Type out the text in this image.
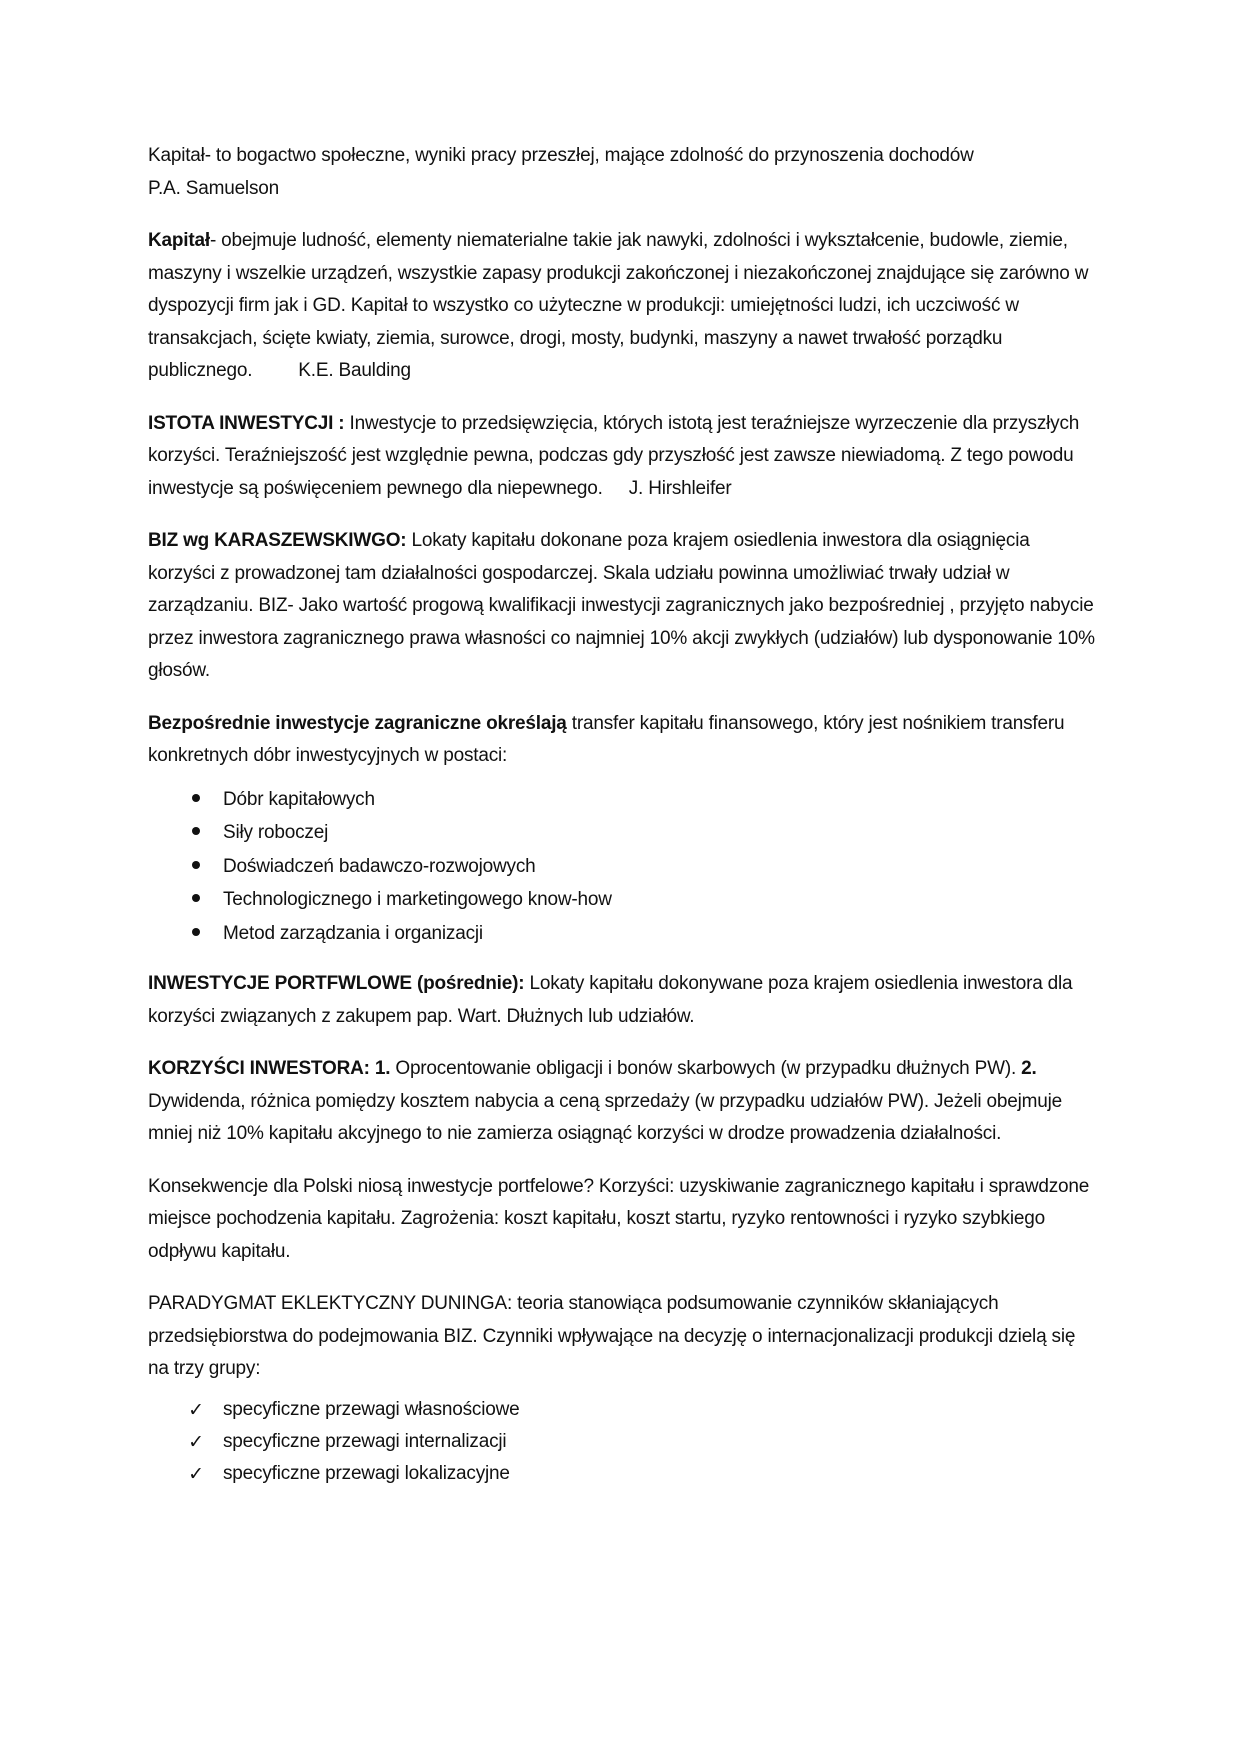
Kapitał- to bogactwo społeczne, wyniki pracy przeszłej, mające zdolność do przynoszenia dochodów
P.A. Samuelson

Kapitał- obejmuje ludność, elementy niematerialne takie jak nawyki, zdolności i wykształcenie, budowle, ziemie, maszyny i wszelkie urządzeń, wszystkie zapasy produkcji zakończonej i niezakończonej znajdujące się zarówno w dyspozycji firm jak i GD. Kapitał to wszystko co użyteczne w produkcji: umiejętności ludzi, ich uczciwość w transakcjach, ścięte kwiaty, ziemia, surowce, drogi, mosty, budynki, maszyny a nawet trwałość porządku publicznego. K.E. Baulding

ISTOTA INWESTYCJI : Inwestycje to przedsięwzięcia, których istotą jest teraźniejsze wyrzeczenie dla przyszłych korzyści. Teraźniejszość jest względnie pewna, podczas gdy przyszłość jest zawsze niewiadomą. Z tego powodu inwestycje są poświęceniem pewnego dla niepewnego. J. Hirshleifer

BIZ wg KARASZEWSKIWGO: Lokaty kapitału dokonane poza krajem osiedlenia inwestora dla osiągnięcia korzyści z prowadzonej tam działalności gospodarczej. Skala udziału powinna umożliwiać trwały udział w zarządzaniu. BIZ- Jako wartość progową kwalifikacji inwestycji zagranicznych jako bezpośredniej , przyjęto nabycie przez inwestora zagranicznego prawa własności co najmniej 10% akcji zwykłych (udziałów) lub dysponowanie 10% głosów.

Bezpośrednie inwestycje zagraniczne określają transfer kapitału finansowego, który jest nośnikiem transferu konkretnych dóbr inwestycyjnych w postaci:

Dóbr kapitałowych
Siły roboczej
Doświadczeń badawczo-rozwojowych
Technologicznego i marketingowego know-how
Metod zarządzania i organizacji

INWESTYCJE PORTFWLOWE (pośrednie): Lokaty kapitału dokonywane poza krajem osiedlenia inwestora dla korzyści związanych z zakupem pap. Wart. Dłużnych lub udziałów.

KORZYŚCI INWESTORA: 1. Oprocentowanie obligacji i bonów skarbowych (w przypadku dłużnych PW). 2. Dywidenda, różnica pomiędzy kosztem nabycia a ceną sprzedaży (w przypadku udziałów PW). Jeżeli obejmuje mniej niż 10% kapitału akcyjnego to nie zamierza osiągnąć korzyści w drodze prowadzenia działalności.

Konsekwencje dla Polski niosą inwestycje portfelowe? Korzyści: uzyskiwanie zagranicznego kapitału i sprawdzone miejsce pochodzenia kapitału. Zagrożenia: koszt kapitału, koszt startu, ryzyko rentowności i ryzyko szybkiego odpływu kapitału.

PARADYGMAT EKLEKTYCZNY DUNINGA: teoria stanowiąca podsumowanie czynników skłaniających przedsiębiorstwa do podejmowania BIZ. Czynniki wpływające na decyzję o internacjonalizacji produkcji dzielą się na trzy grupy:

✓ specyficzne przewagi własnościowe
✓ specyficzne przewagi internalizacji
✓ specyficzne przewagi lokalizacyjne
